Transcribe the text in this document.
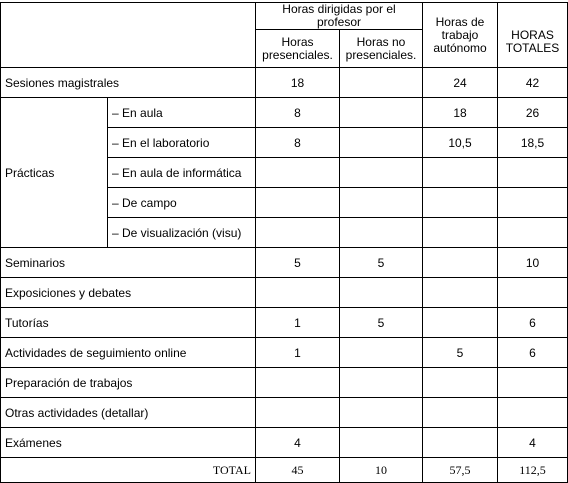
		Horas dirigidas por el profesor		Horas de trabajo autónomo	HORAS TOTALES
		Horas presenciales.	Horas no presenciales.		
Sesiones magistrales		18		24	42
Prácticas	– En aula	8		18	26
	– En el laboratorio	8		10,5	18,5
	– En aula de informática				
	– De campo				
	– De visualización (visu)				
Seminarios		5	5		10
Exposiciones y debates					
Tutorías		1	5		6
Actividades de seguimiento online		1		5	6
Preparación de trabajos					
Otras actividades (detallar)					
Exámenes		4			4
TOTAL		45	10	57,5	112,5
